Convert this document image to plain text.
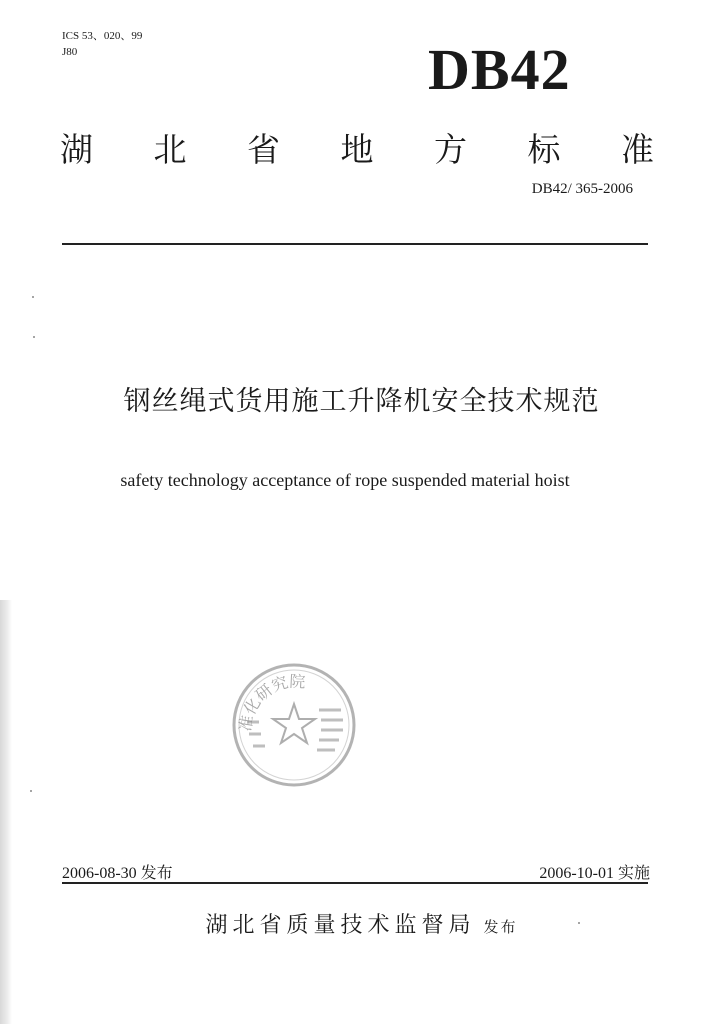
ICS 53、020、99
J80	DB42
湖 北 省 地 方 标 准
DB42/ 365-2006
钢丝绳式货用施工升降机安全技术规范
safety technology acceptance of rope suspended material hoist
准化研究院
2006-08-30 发布	2006-10-01 实施
湖北省质量技术监督局 发布
